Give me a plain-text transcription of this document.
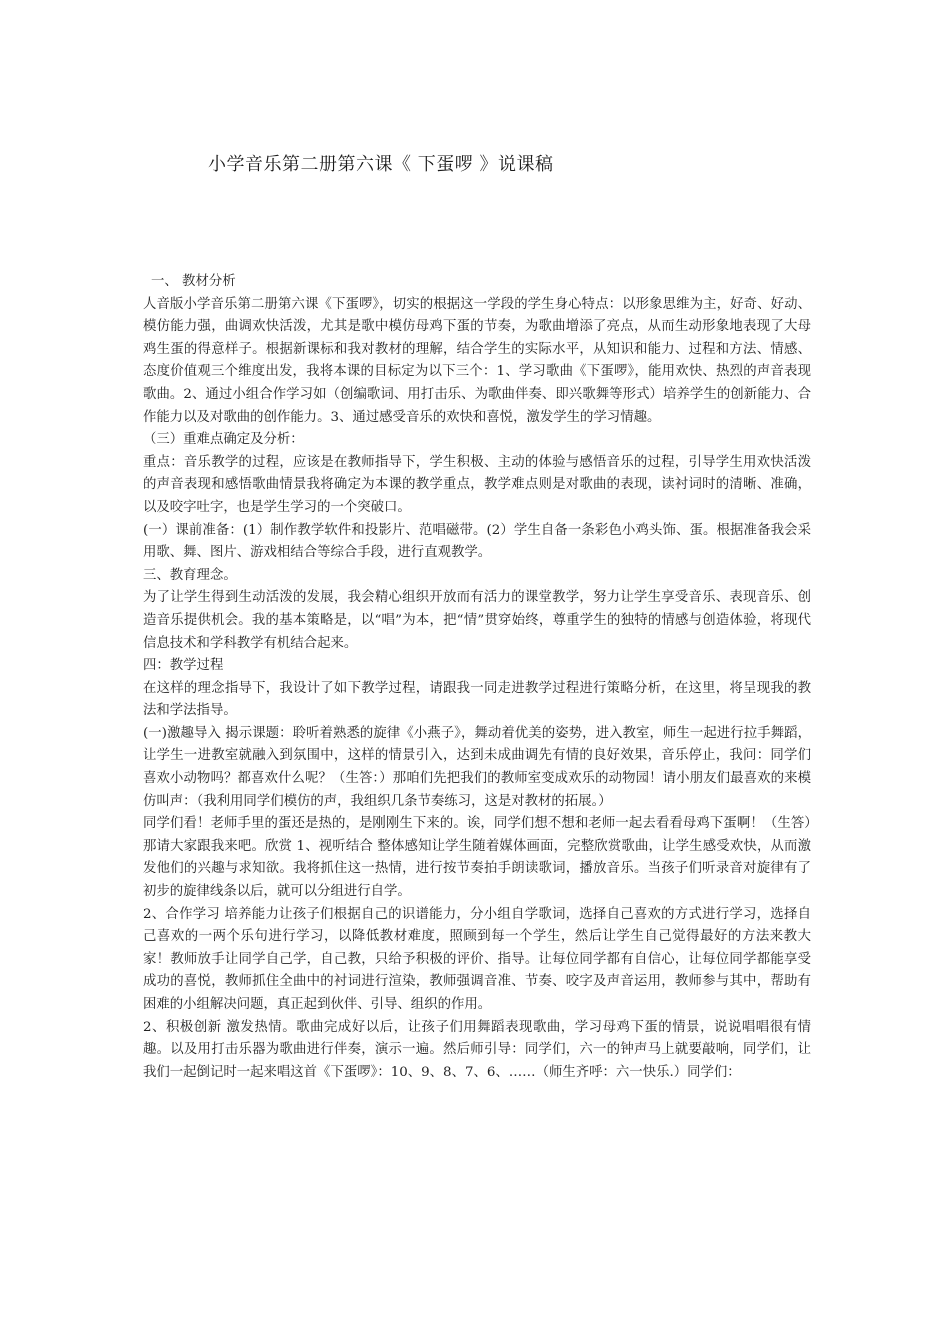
小学音乐第二册第六课《 下蛋啰 》说课稿

一、 教材分析

人音版小学音乐第二册第六课《下蛋啰》，切实的根据这一学段的学生身心特点：以形象思维为主，好奇、好动、模仿能力强，曲调欢快活泼，尤其是歌中模仿母鸡下蛋的节奏，为歌曲增添了亮点，从而生动形象地表现了大母鸡生蛋的得意样子。根据新课标和我对教材的理解，结合学生的实际水平，从知识和能力、过程和方法、情感、态度价值观三个维度出发，我将本课的目标定为以下三个：1、学习歌曲《下蛋啰》，能用欢快、热烈的声音表现歌曲。2、通过小组合作学习如（创编歌词、用打击乐、为歌曲伴奏、即兴歌舞等形式）培养学生的创新能力、合作能力以及对歌曲的创作能力。3、通过感受音乐的欢快和喜悦，激发学生的学习情趣。

（三）重难点确定及分析：

重点：音乐教学的过程，应该是在教师指导下，学生积极、主动的体验与感悟音乐的过程，引导学生用欢快活泼的声音表现和感悟歌曲情景我将确定为本课的教学重点，教学难点则是对歌曲的表现，读衬词时的清晰、准确，以及咬字吐字，也是学生学习的一个突破口。

(一）课前准备：(1）制作教学软件和投影片、范唱磁带。(2）学生自备一条彩色小鸡头饰、蛋。根据准备我会采用歌、舞、图片、游戏相结合等综合手段，进行直观教学。

三、教育理念。

为了让学生得到生动活泼的发展，我会精心组织开放而有活力的课堂教学，努力让学生享受音乐、表现音乐、创造音乐提供机会。我的基本策略是，以“唱”为本，把“情”贯穿始终，尊重学生的独特的情感与创造体验，将现代信息技术和学科教学有机结合起来。

四：教学过程

在这样的理念指导下，我设计了如下教学过程，请跟我一同走进教学过程进行策略分析，在这里，将呈现我的教法和学法指导。

(一)激趣导入 揭示课题：聆听着熟悉的旋律《小燕子》，舞动着优美的姿势，进入教室，师生一起进行拉手舞蹈，让学生一进教室就融入到氛围中，这样的情景引入，达到未成曲调先有情的良好效果，音乐停止，我问：同学们喜欢小动物吗？都喜欢什么呢？（生答：）那咱们先把我们的教师室变成欢乐的动物园！请小朋友们最喜欢的来模仿叫声：（我利用同学们模仿的声，我组织几条节奏练习，这是对教材的拓展。）

同学们看！老师手里的蛋还是热的，是刚刚生下来的。诶，同学们想不想和老师一起去看看母鸡下蛋啊！（生答）那请大家跟我来吧。欣赏 1、视听结合 整体感知让学生随着媒体画面，完整欣赏歌曲，让学生感受欢快，从而激发他们的兴趣与求知欲。我将抓住这一热情，进行按节奏拍手朗读歌词，播放音乐。当孩子们听录音对旋律有了初步的旋律线条以后，就可以分组进行自学。

2、合作学习 培养能力让孩子们根据自己的识谱能力，分小组自学歌词，选择自己喜欢的方式进行学习，选择自己喜欢的一两个乐句进行学习，以降低教材难度，照顾到每一个学生，然后让学生自己觉得最好的方法来教大家！教师放手让同学自己学，自己教，只给予积极的评价、指导。让每位同学都有自信心，让每位同学都能享受成功的喜悦，教师抓住全曲中的衬词进行渲染，教师强调音准、节奏、咬字及声音运用，教师参与其中，帮助有困难的小组解决问题，真正起到伙伴、引导、组织的作用。

2、积极创新 激发热情。歌曲完成好以后，让孩子们用舞蹈表现歌曲，学习母鸡下蛋的情景，说说唱唱很有情趣。以及用打击乐器为歌曲进行伴奏，演示一遍。然后师引导：同学们，六一的钟声马上就要敲响，同学们，让我们一起倒记时一起来唱这首《下蛋啰》：10、9、8、7、6、……（师生齐呼：六一快乐.）同学们：
